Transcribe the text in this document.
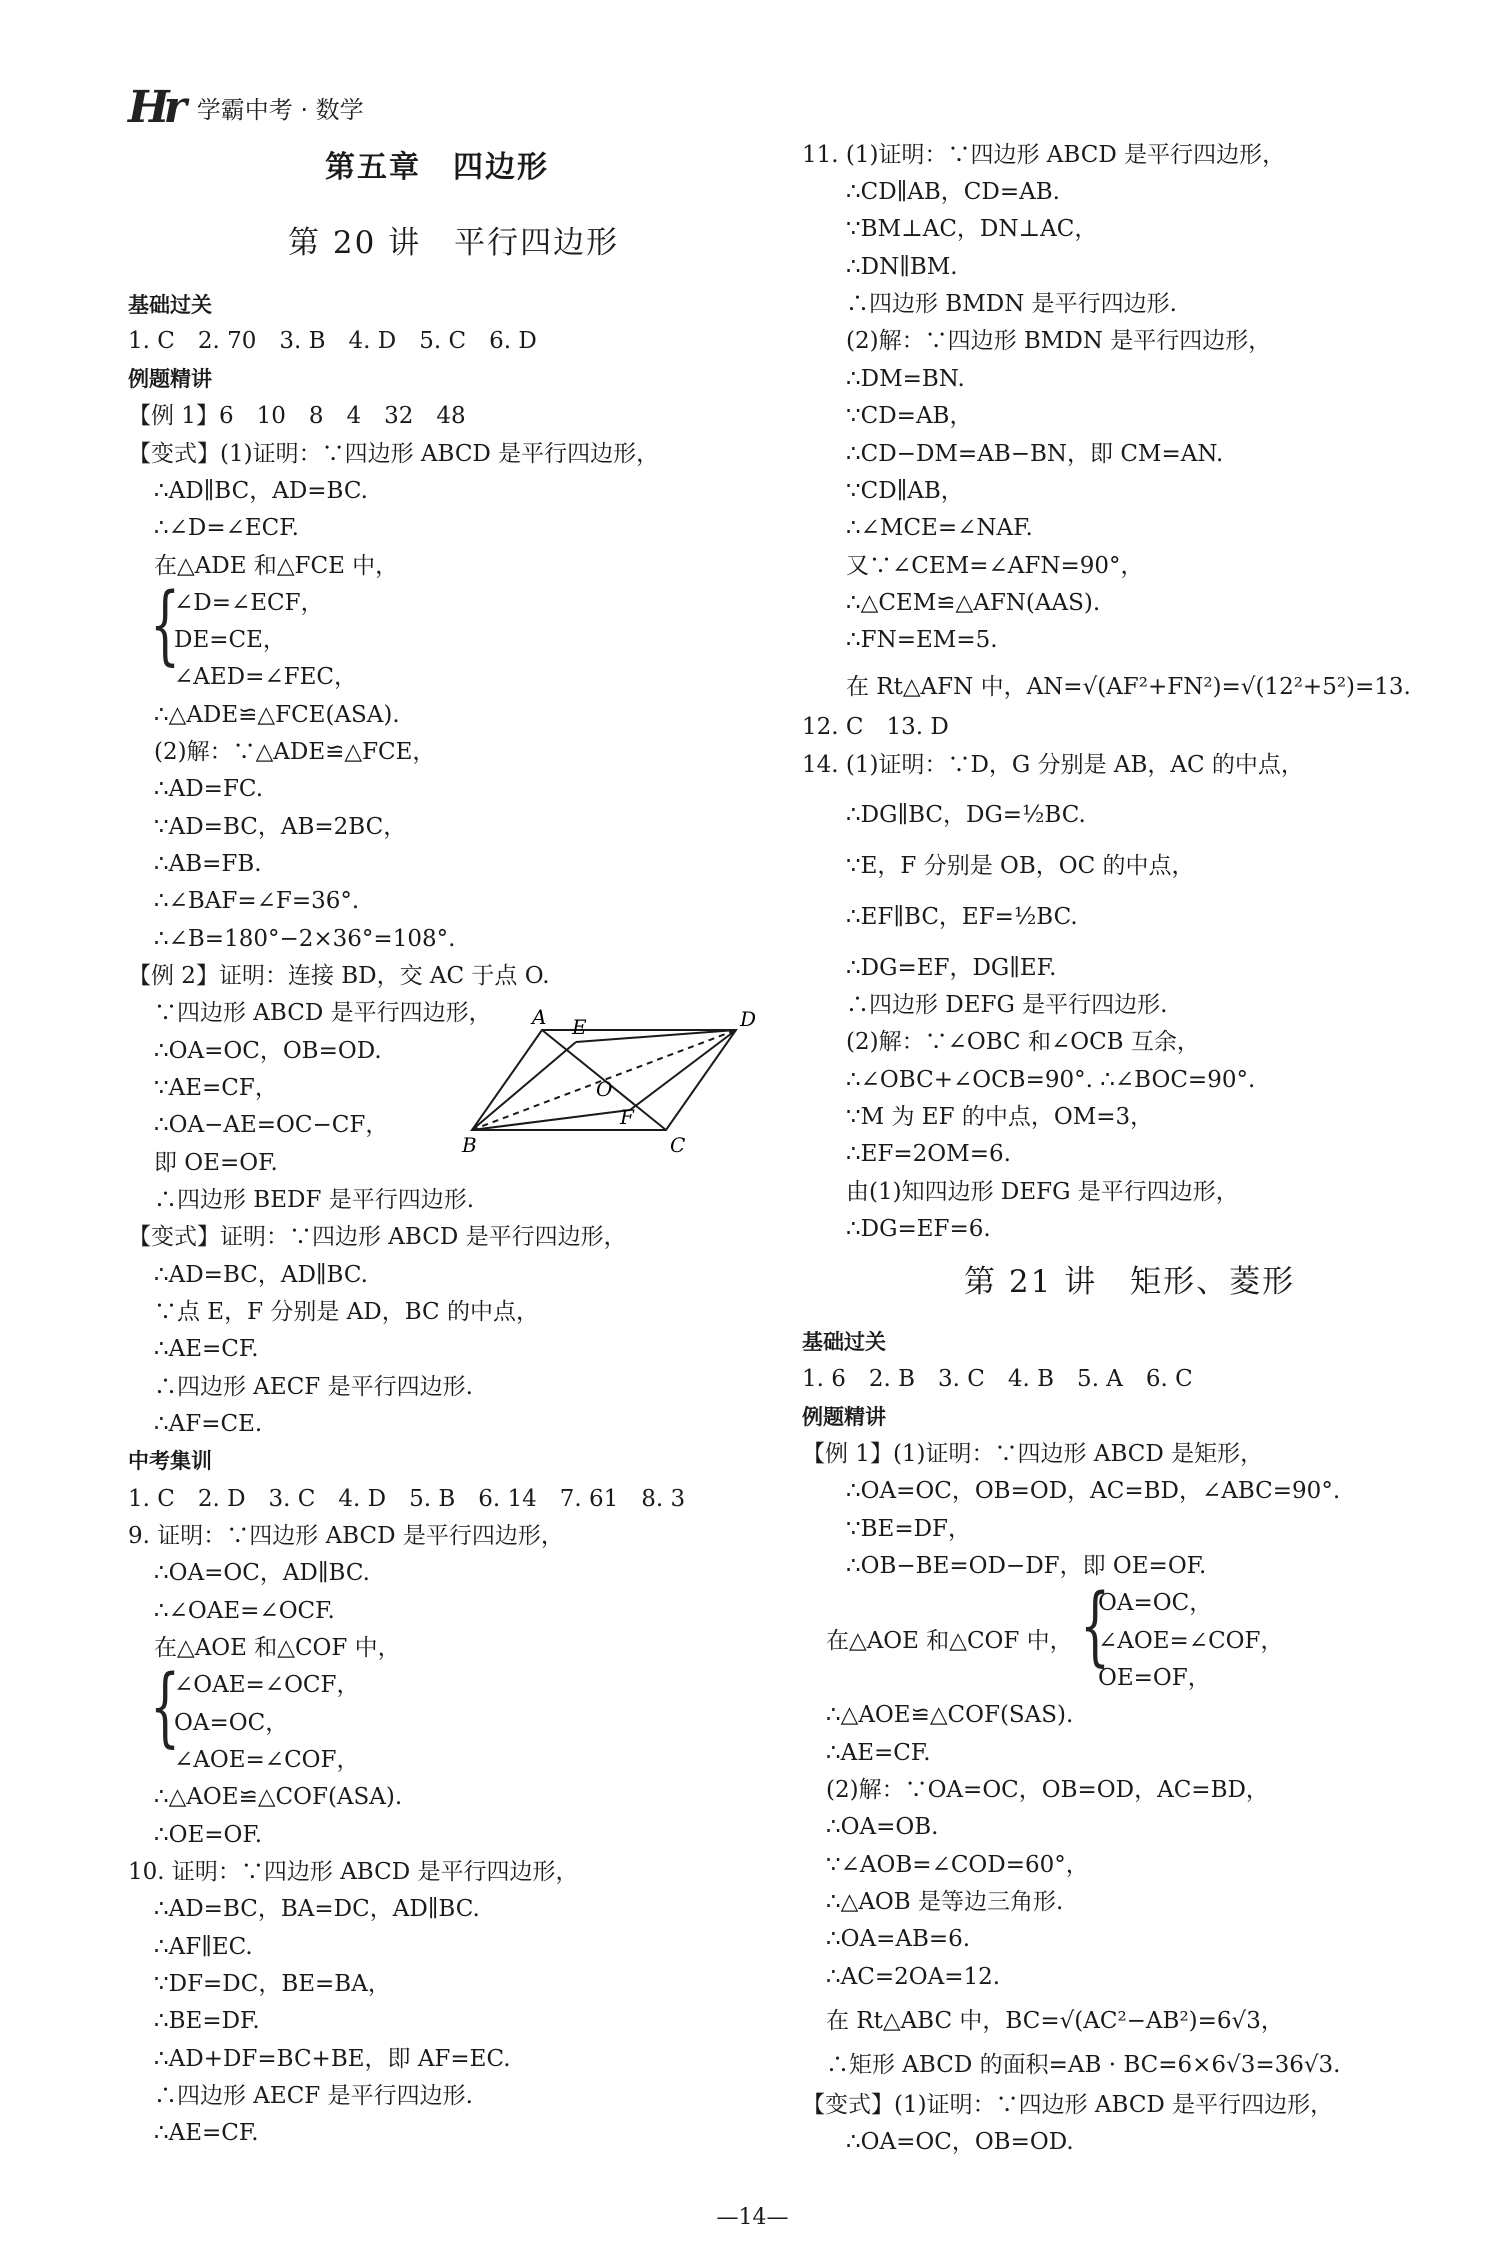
Hr 学霸中考 · 数学
第五章　四边形
第 20 讲　平行四边形
基础过关
1. C　2. 70　3. B　4. D　5. C　6. D
例题精讲
【例 1】6　10　8　4　32　48
【变式】(1)证明：∵四边形 ABCD 是平行四边形，
∴AD∥BC，AD=BC.
∴∠D=∠ECF.
在△ADE 和△FCE 中，
{
∠D=∠ECF，
DE=CE，
∠AED=∠FEC，
∴△ADE≌△FCE(ASA).
(2)解：∵△ADE≌△FCE，
∴AD=FC.
∵AD=BC，AB=2BC，
∴AB=FB.
∴∠BAF=∠F=36°.
∴∠B=180°−2×36°=108°.
【例 2】证明：连接 BD，交 AC 于点 O.
∵四边形 ABCD 是平行四边形，
∴OA=OC，OB=OD.
∵AE=CF，
∴OA−AE=OC−CF，
即 OE=OF.
∴四边形 BEDF 是平行四边形.
【变式】证明：∵四边形 ABCD 是平行四边形，
∴AD=BC，AD∥BC.
∵点 E，F 分别是 AD，BC 的中点，
∴AE=CF.
∴四边形 AECF 是平行四边形.
∴AF=CE.
中考集训
1. C　2. D　3. C　4. D　5. B　6. 14　7. 61　8. 3
9. 证明：∵四边形 ABCD 是平行四边形，
∴OA=OC，AD∥BC.
∴∠OAE=∠OCF.
在△AOE 和△COF 中，
{
∠OAE=∠OCF，
OA=OC，
∠AOE=∠COF，
∴△AOE≌△COF(ASA).
∴OE=OF.
10. 证明：∵四边形 ABCD 是平行四边形，
∴AD=BC，BA=DC，AD∥BC.
∴AF∥EC.
∵DF=DC，BE=BA，
∴BE=DF.
∴AD+DF=BC+BE，即 AF=EC.
∴四边形 AECF 是平行四边形.
∴AE=CF.
A E	D
O
F
B	C
11. (1)证明：∵四边形 ABCD 是平行四边形，
∴CD∥AB，CD=AB.
∵BM⊥AC，DN⊥AC，
∴DN∥BM.
∴四边形 BMDN 是平行四边形.
(2)解：∵四边形 BMDN 是平行四边形，
∴DM=BN.
∵CD=AB，
∴CD−DM=AB−BN，即 CM=AN.
∵CD∥AB，
∴∠MCE=∠NAF.
又∵∠CEM=∠AFN=90°，
∴△CEM≌△AFN(AAS).
∴FN=EM=5.
在 Rt△AFN 中，AN=√(AF²+FN²)=√(12²+5²)=13.
12. C　13. D
14. (1)证明：∵D，G 分别是 AB，AC 的中点，
∴DG∥BC，DG=½BC.
∵E，F 分别是 OB，OC 的中点，
∴EF∥BC，EF=½BC.
∴DG=EF，DG∥EF.
∴四边形 DEFG 是平行四边形.
(2)解：∵∠OBC 和∠OCB 互余，
∴∠OBC+∠OCB=90°. ∴∠BOC=90°.
∵M 为 EF 的中点，OM=3，
∴EF=2OM=6.
由(1)知四边形 DEFG 是平行四边形，
∴DG=EF=6.
第 21 讲　矩形、菱形
基础过关
1. 6　2. B　3. C　4. B　5. A　6. C
例题精讲
【例 1】(1)证明：∵四边形 ABCD 是矩形，
∴OA=OC，OB=OD，AC=BD，∠ABC=90°.
∵BE=DF，
∴OB−BE=OD−DF，即 OE=OF.
OA=OC，
在△AOE 和△COF 中， {
∠AOE=∠COF，
OE=OF，
∴△AOE≌△COF(SAS).
∴AE=CF.
(2)解：∵OA=OC，OB=OD，AC=BD，
∴OA=OB.
∵∠AOB=∠COD=60°，
∴△AOB 是等边三角形.
∴OA=AB=6.
∴AC=2OA=12.
在 Rt△ABC 中，BC=√(AC²−AB²)=6√3，
∴矩形 ABCD 的面积=AB · BC=6×6√3=36√3.
【变式】(1)证明：∵四边形 ABCD 是平行四边形，
∴OA=OC，OB=OD.
—14—
